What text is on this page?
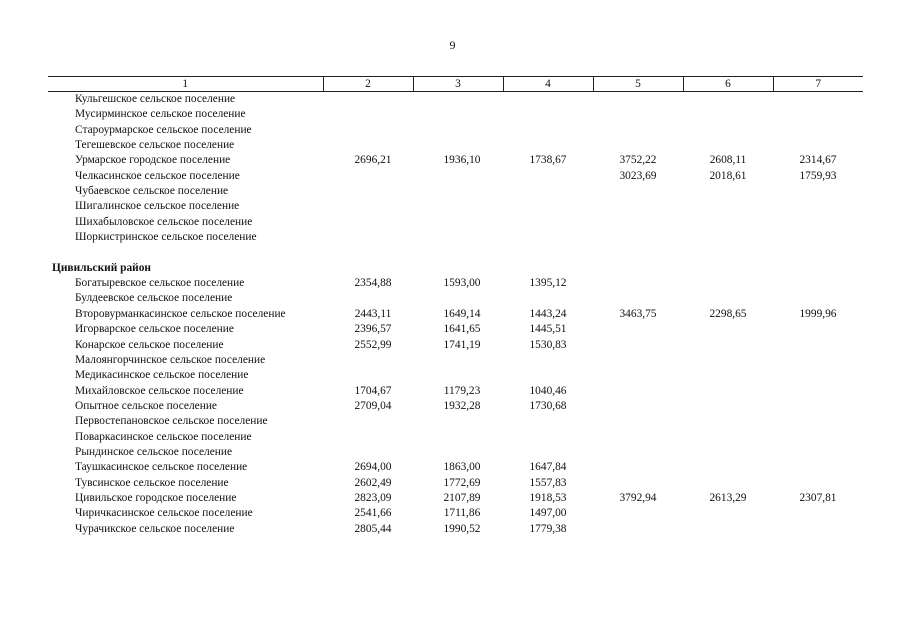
9
1	2	3	4	5	6	7
Кульгешское сельское поселение						
Мусирминское сельское поселение						
Староурмарское сельское поселение						
Тегешевское сельское поселение						
Урмарское городское поселение	2696,21	1936,10	1738,67	3752,22	2608,11	2314,67
Челкасинское сельское поселение				3023,69	2018,61	1759,93
Чубаевское сельское поселение						
Шигалинское сельское поселение						
Шихабыловское сельское поселение						
Шоркистринское сельское поселение						

Цивильский район						
Богатыревское сельское поселение	2354,88	1593,00	1395,12			
Булдеевское сельское поселение						
Второвурманкасинское сельское поселение	2443,11	1649,14	1443,24	3463,75	2298,65	1999,96
Игорварское сельское поселение	2396,57	1641,65	1445,51			
Конарское сельское поселение	2552,99	1741,19	1530,83			
Малоянгорчинское сельское поселение						
Медикасинское сельское поселение						
Михайловское сельское поселение	1704,67	1179,23	1040,46			
Опытное сельское поселение	2709,04	1932,28	1730,68			
Первостепановское сельское поселение						
Поваркасинское сельское поселение						
Рындинское сельское поселение						
Таушкасинское сельское поселение	2694,00	1863,00	1647,84			
Тувсинское сельское поселение	2602,49	1772,69	1557,83			
Цивильское городское поселение	2823,09	2107,89	1918,53	3792,94	2613,29	2307,81
Чиричкасинское сельское поселение	2541,66	1711,86	1497,00			
Чурачикское сельское поселение	2805,44	1990,52	1779,38			
